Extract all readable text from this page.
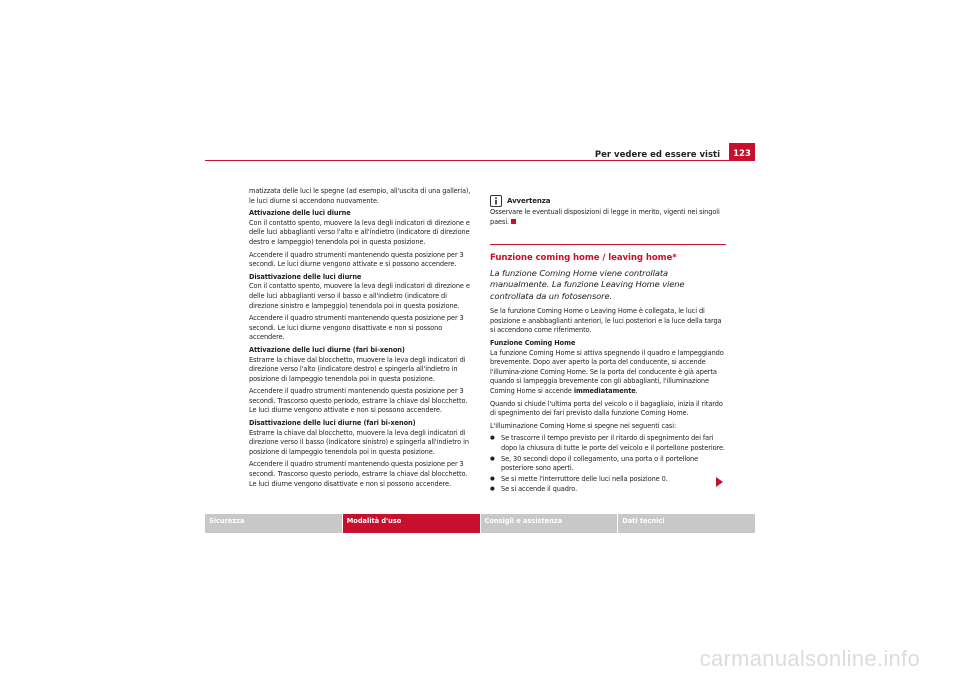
Per vedere ed essere visti	123

matizzata delle luci le spegne (ad esempio, all'uscita di una galleria), le luci diurne si accendono nuovamente.

Attivazione delle luci diurne

Con il contatto spento, muovere la leva degli indicatori di direzione e delle luci abbaglianti verso l'alto e all'indietro (indicatore di direzione destro e lampeggio) tenendola poi in questa posizione.

Accendere il quadro strumenti mantenendo questa posizione per 3 secondi. Le luci diurne vengono attivate e si possono accendere.

Disattivazione delle luci diurne

Con il contatto spento, muovere la leva degli indicatori di direzione e delle luci abbaglianti verso il basso e all'indietro (indicatore di direzione sinistro e lampeggio) tenendola poi in questa posizione.

Accendere il quadro strumenti mantenendo questa posizione per 3 secondi. Le luci diurne vengono disattivate e non si possono accendere.

Attivazione delle luci diurne (fari bi-xenon)

Estrarre la chiave dal blocchetto, muovere la leva degli indicatori di direzione verso l'alto (indicatore destro) e spingerla all'indietro in posizione di lampeggio tenendola poi in questa posizione.

Accendere il quadro strumenti mantenendo questa posizione per 3 secondi. Trascorso questo periodo, estrarre la chiave dal blocchetto. Le luci diurne vengono attivate e non si possono accendere.

Disattivazione delle luci diurne (fari bi-xenon)

Estrarre la chiave dal blocchetto, muovere la leva degli indicatori di direzione verso il basso (indicatore sinistro) e spingerla all'indietro in posizione di lampeggio tenendola poi in questa posizione.

Accendere il quadro strumenti mantenendo questa posizione per 3 secondi. Trascorso questo periodo, estrarre la chiave dal blocchetto. Le luci diurne vengono disattivate e non si possono accendere.

Avvertenza

Osservare le eventuali disposizioni di legge in merito, vigenti nei singoli paesi.

Funzione coming home / leaving home*
La funzione Coming Home viene controllata manualmente. La funzione Leaving Home viene controllata da un fotosensore.

Se la funzione Coming Home o Leaving Home è collegata, le luci di posizione e anabbaglianti anteriori, le luci posteriori e la luce della targa si accendono come riferimento.

Funzione Coming Home

La funzione Coming Home si attiva spegnendo il quadro e lampeggiando brevemente. Dopo aver aperto la porta del conducente, si accende l'illumina-zione Coming Home. Se la porta del conducente è già aperta quando si lampeggia brevemente con gli abbaglianti, l'illuminazione Coming Home si accende immediatamente.

Quando si chiude l'ultima porta del veicolo o il bagagliaio, inizia il ritardo di spegnimento dei fari previsto dalla funzione Coming Home.

L'illuminazione Coming Home si spegne nei seguenti casi:

● Se trascorre il tempo previsto per il ritardo di spegnimento dei fari dopo la chiusura di tutte le porte del veicolo e il portellone posteriore.
● Se, 30 secondi dopo il collegamento, una porta o il portellone posteriore sono aperti.
● Se si mette l'interruttore delle luci nella posizione 0.
● Se si accende il quadro.
Sicurezza	Modalità d'uso	Consigli e assistenza	Dati tecnici
carmanualsonline.info
